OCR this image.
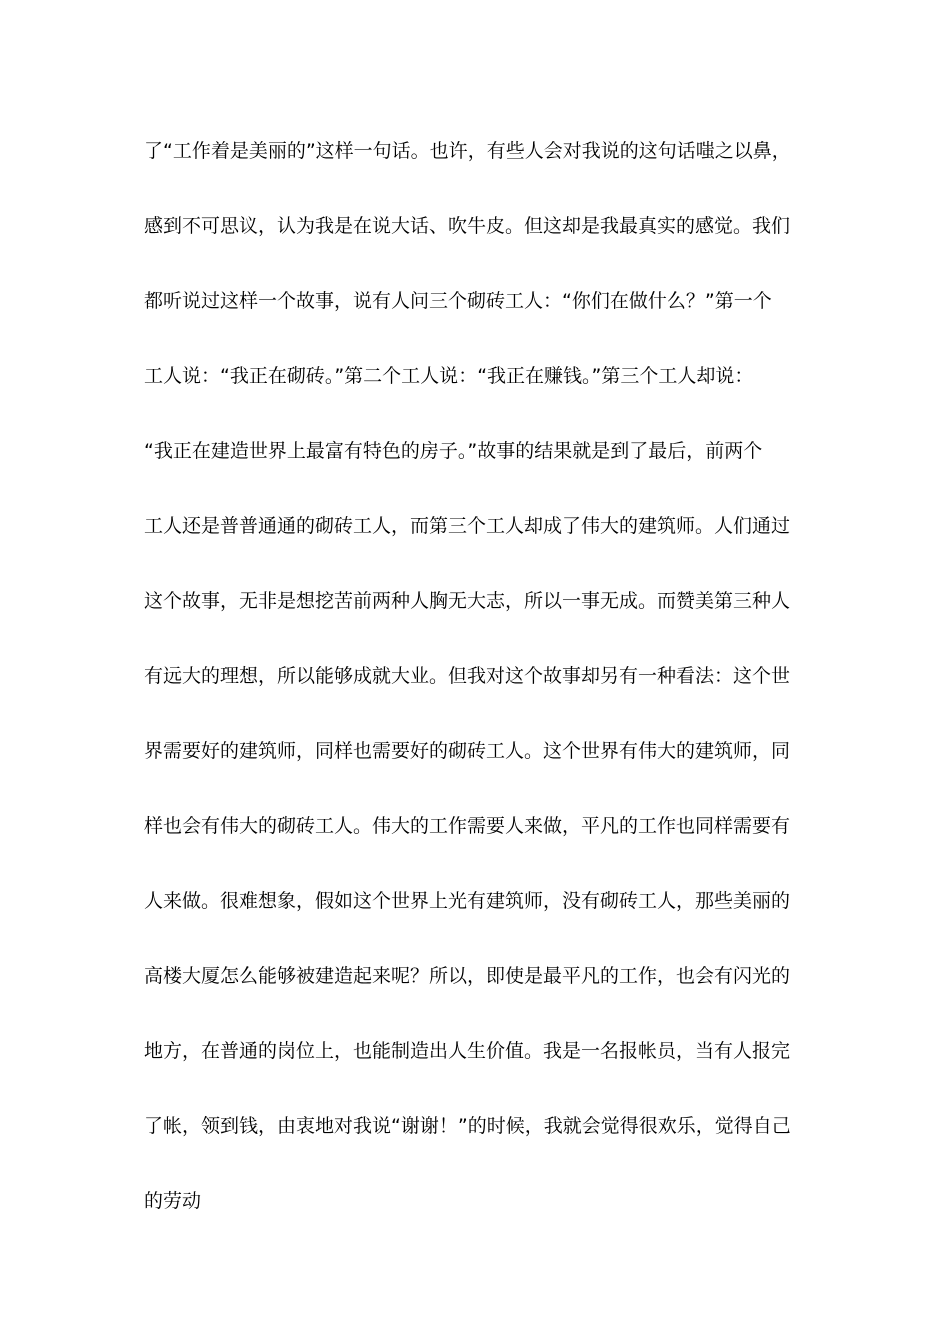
了“工作着是美丽的”这样一句话。也许，有些人会对我说的这句话嗤之以鼻，
感到不可思议，认为我是在说大话、吹牛皮。但这却是我最真实的感觉。我们
都听说过这样一个故事，说有人问三个砌砖工人：“你们在做什么？”第一个
工人说：“我正在砌砖。”第二个工人说：“我正在赚钱。”第三个工人却说：
“我正在建造世界上最富有特色的房子。”故事的结果就是到了最后，前两个
工人还是普普通通的砌砖工人，而第三个工人却成了伟大的建筑师。人们通过
这个故事，无非是想挖苦前两种人胸无大志，所以一事无成。而赞美第三种人
有远大的理想，所以能够成就大业。但我对这个故事却另有一种看法：这个世
界需要好的建筑师，同样也需要好的砌砖工人。这个世界有伟大的建筑师，同
样也会有伟大的砌砖工人。伟大的工作需要人来做，平凡的工作也同样需要有
人来做。很难想象，假如这个世界上光有建筑师，没有砌砖工人，那些美丽的
高楼大厦怎么能够被建造起来呢？所以，即使是最平凡的工作，也会有闪光的
地方，在普通的岗位上，也能制造出人生价值。我是一名报帐员，当有人报完
了帐，领到钱，由衷地对我说“谢谢！”的时候，我就会觉得很欢乐，觉得自己
的劳动
